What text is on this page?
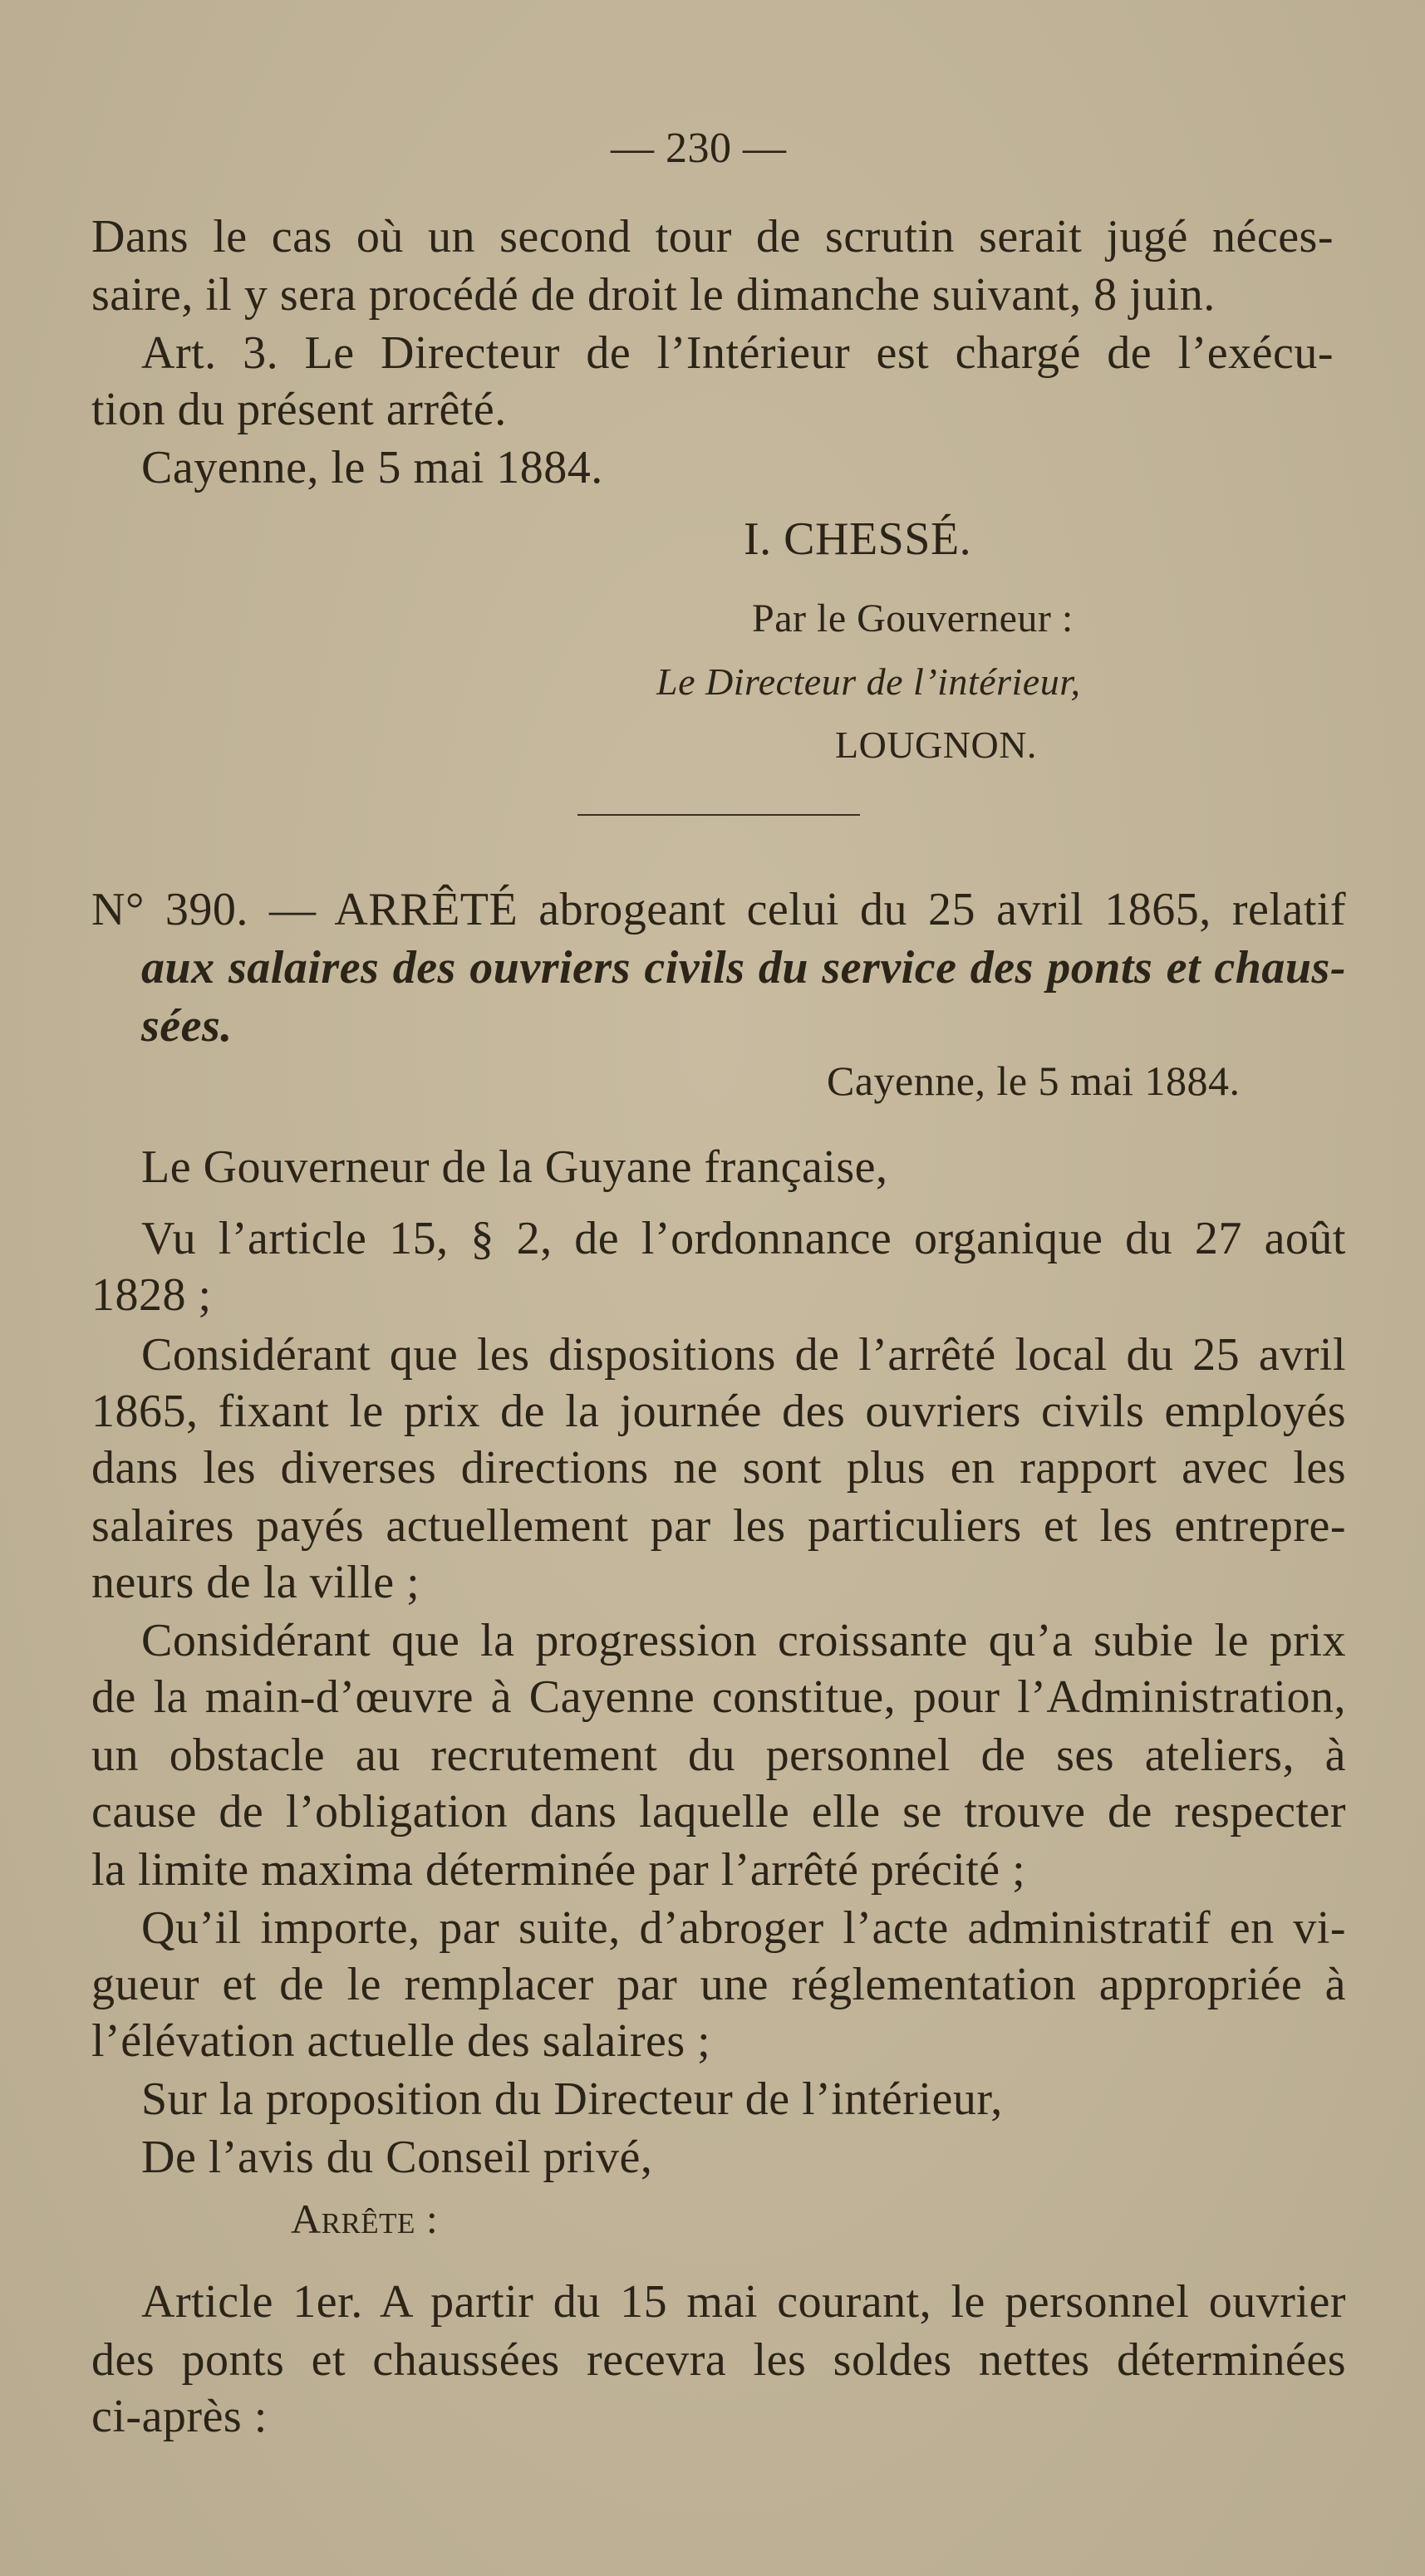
— 230 —
Dans le cas où un second tour de scrutin serait jugé néces-
saire, il y sera procédé de droit le dimanche suivant, 8 juin.
Art. 3. Le Directeur de l’Intérieur est chargé de l’exécu-
tion du présent arrêté.
Cayenne, le 5 mai 1884.
I. CHESSÉ.
Par le Gouverneur :
Le Directeur de l’intérieur,
LOUGNON.
N° 390. — ARRÊTÉ abrogeant celui du 25 avril 1865, relatif
aux salaires des ouvriers civils du service des ponts et chaus-
sées.
Cayenne, le 5 mai 1884.
Le Gouverneur de la Guyane française,
Vu l’article 15, § 2, de l’ordonnance organique du 27 août
1828 ;
Considérant que les dispositions de l’arrêté local du 25 avril
1865, fixant le prix de la journée des ouvriers civils employés
dans les diverses directions ne sont plus en rapport avec les
salaires payés actuellement par les particuliers et les entrepre-
neurs de la ville ;
Considérant que la progression croissante qu’a subie le prix
de la main-d’œuvre à Cayenne constitue, pour l’Administration,
un obstacle au recrutement du personnel de ses ateliers, à
cause de l’obligation dans laquelle elle se trouve de respecter
la limite maxima déterminée par l’arrêté précité ;
Qu’il importe, par suite, d’abroger l’acte administratif en vi-
gueur et de le remplacer par une réglementation appropriée à
l’élévation actuelle des salaires ;
Sur la proposition du Directeur de l’intérieur,
De l’avis du Conseil privé,
Arrête :
Article 1er. A partir du 15 mai courant, le personnel ouvrier
des ponts et chaussées recevra les soldes nettes déterminées
ci-après :
